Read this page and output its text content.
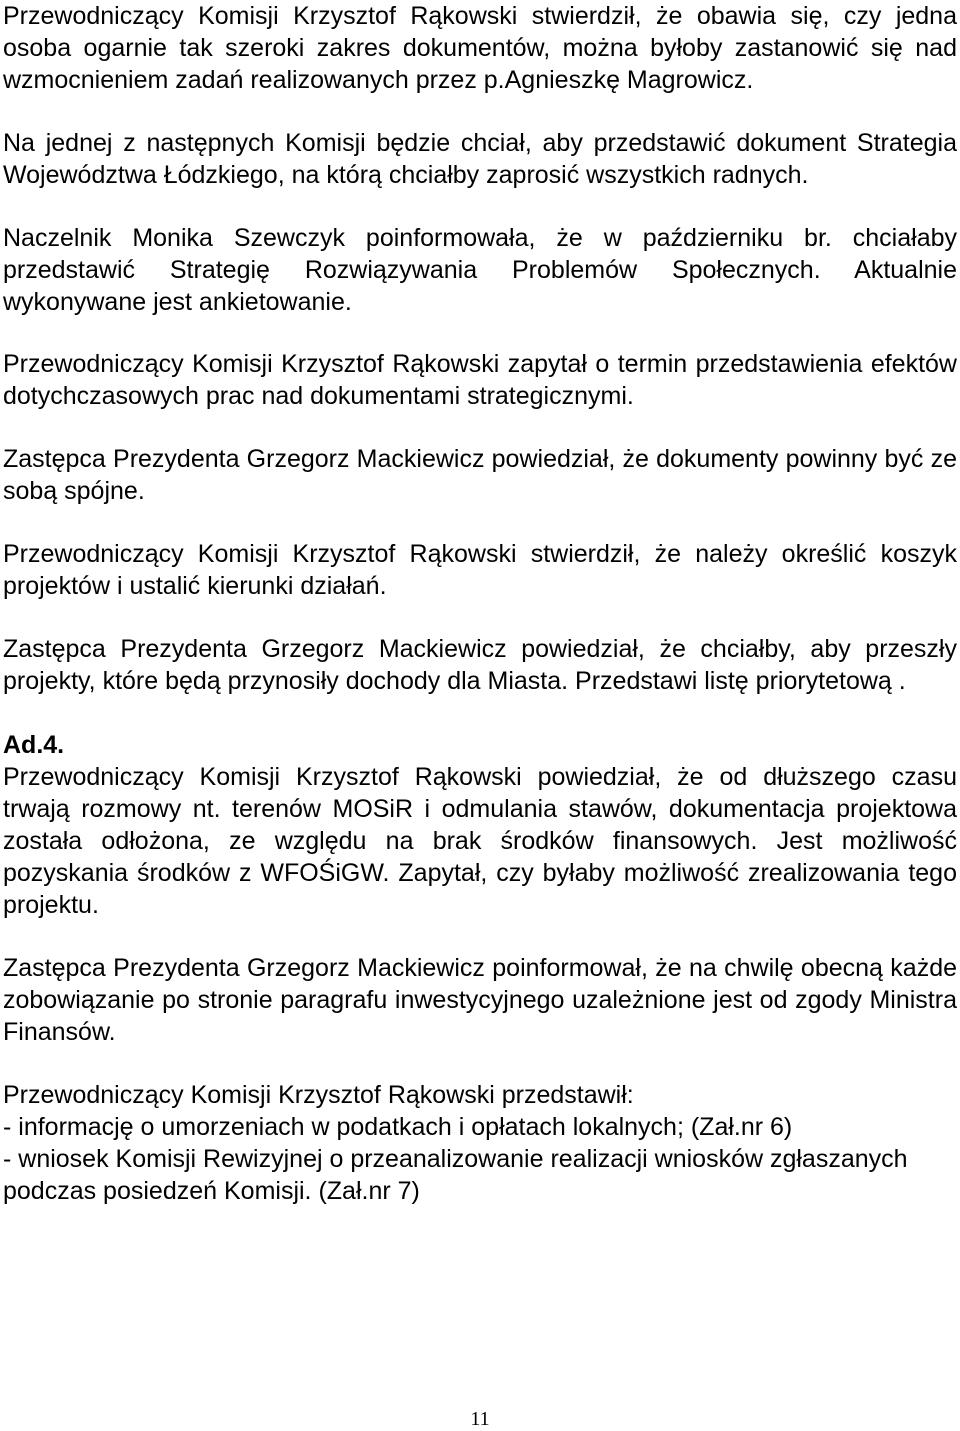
Przewodniczący Komisji Krzysztof Rąkowski stwierdził, że obawia się, czy jedna osoba ogarnie tak szeroki zakres dokumentów, można byłoby zastanowić się nad wzmocnieniem zadań realizowanych przez p.Agnieszkę Magrowicz.

Na jednej z następnych Komisji będzie chciał, aby przedstawić dokument Strategia Województwa Łódzkiego, na którą chciałby zaprosić wszystkich radnych.

Naczelnik Monika Szewczyk poinformowała, że w październiku br. chciałaby przedstawić Strategię Rozwiązywania Problemów Społecznych. Aktualnie wykonywane jest ankietowanie.

Przewodniczący Komisji Krzysztof Rąkowski zapytał o termin przedstawienia efektów dotychczasowych prac nad dokumentami strategicznymi.

Zastępca Prezydenta Grzegorz Mackiewicz powiedział, że dokumenty powinny być ze sobą spójne.

Przewodniczący Komisji Krzysztof Rąkowski stwierdził, że należy określić koszyk projektów i ustalić kierunki działań.

Zastępca Prezydenta Grzegorz Mackiewicz powiedział, że chciałby, aby przeszły projekty, które będą przynosiły dochody dla Miasta. Przedstawi listę priorytetową .

Ad.4.

Przewodniczący Komisji Krzysztof Rąkowski powiedział, że od dłuższego czasu trwają rozmowy nt. terenów MOSiR i odmulania stawów, dokumentacja projektowa została odłożona, ze względu na brak środków finansowych. Jest możliwość pozyskania środków z WFOŚiGW. Zapytał, czy byłaby możliwość zrealizowania tego projektu.

Zastępca Prezydenta Grzegorz Mackiewicz poinformował, że na chwilę obecną każde zobowiązanie po stronie paragrafu inwestycyjnego uzależnione jest od zgody Ministra Finansów.

Przewodniczący Komisji Krzysztof Rąkowski przedstawił:

- informację o umorzeniach w podatkach i opłatach lokalnych; (Zał.nr 6)

- wniosek Komisji Rewizyjnej o przeanalizowanie realizacji wniosków zgłaszanych podczas posiedzeń Komisji. (Zał.nr 7)

11
